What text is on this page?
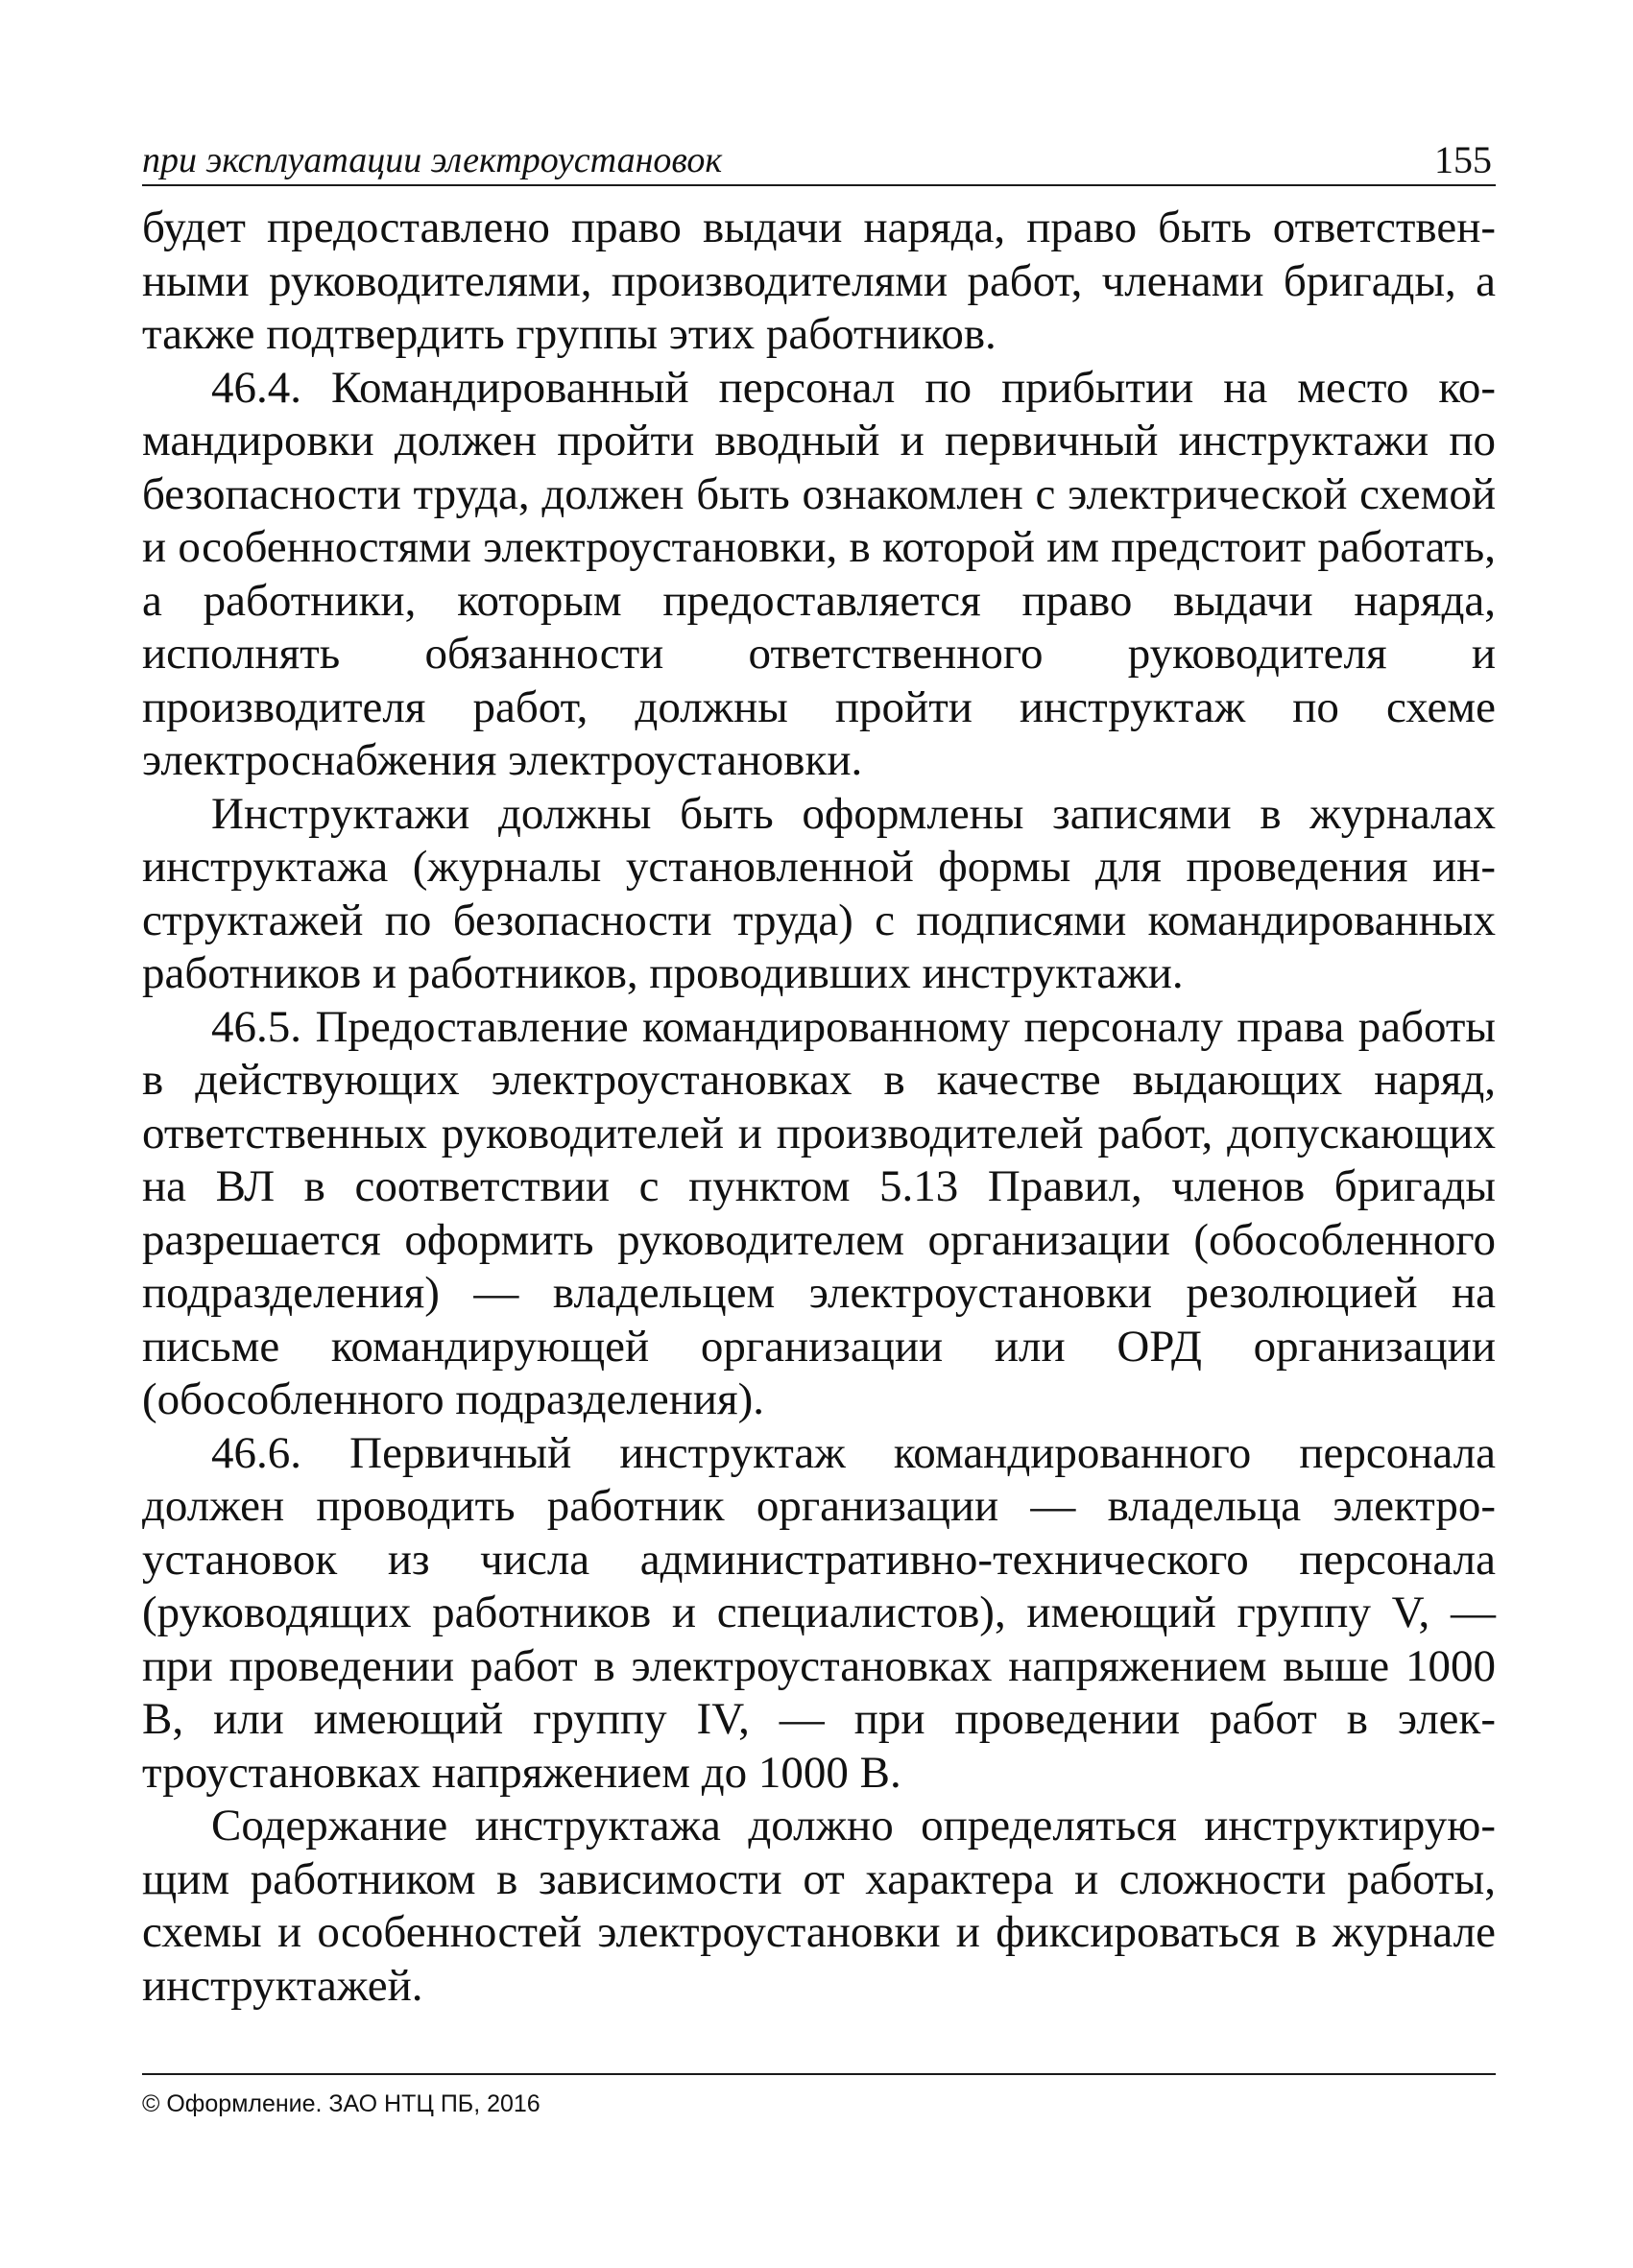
при эксплуатации электроустановок	155

будет предоставлено право выдачи наряда, право быть ответственными руководителями, производителями работ, членами бригады, а также подтвердить группы этих работников.

46.4. Командированный персонал по прибытии на место командировки должен пройти вводный и первичный инструктажи по безопасности труда, должен быть ознакомлен с электрической схемой и особенностями электроустановки, в которой им предстоит работать, а работники, которым предоставляется право выдачи наряда, исполнять обязанности ответственного руководителя и производителя работ, должны пройти инструктаж по схеме электроснабжения электроустановки.

Инструктажи должны быть оформлены записями в журналах инструктажа (журналы установленной формы для проведения инструктажей по безопасности труда) с подписями командированных работников и работников, проводивших инструктажи.

46.5. Предоставление командированному персоналу права работы в действующих электроустановках в качестве выдающих наряд, ответственных руководителей и производителей работ, допускающих на ВЛ в соответствии с пунктом 5.13 Правил, членов бригады разрешается оформить руководителем организации (обособленного подразделения) — владельцем электроустановки резолюцией на письме командирующей организации или ОРД организации (обособленного подразделения).

46.6. Первичный инструктаж командированного персонала должен проводить работник организации — владельца электроустановок из числа административно-технического персонала (руководящих работников и специалистов), имеющий группу V, — при проведении работ в электроустановках напряжением выше 1000 В, или имеющий группу IV, — при проведении работ в электроустановках напряжением до 1000 В.

Содержание инструктажа должно определяться инструктирующим работником в зависимости от характера и сложности работы, схемы и особенностей электроустановки и фиксироваться в журнале инструктажей.

© Оформление. ЗАО НТЦ ПБ, 2016
